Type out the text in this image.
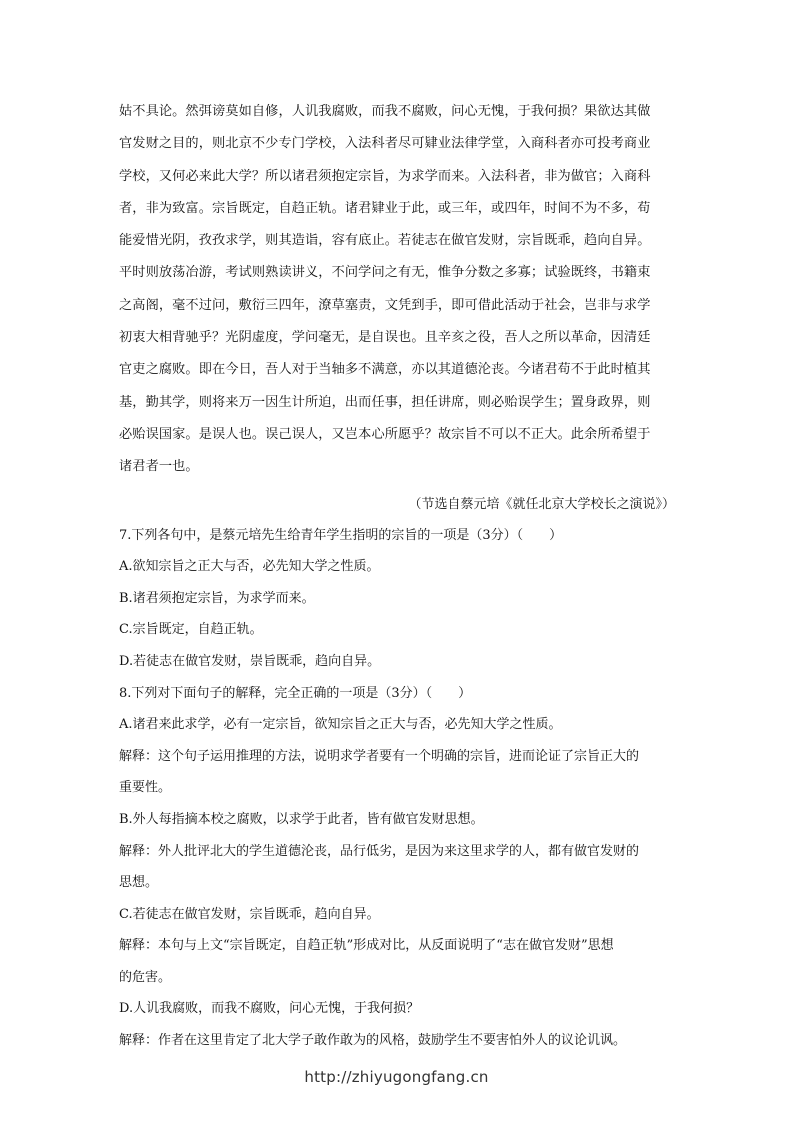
姑不具论。然弭谤莫如自修，人讥我腐败，而我不腐败，问心无愧，于我何损？果欲达其做
官发财之目的，则北京不少专门学校，入法科者尽可肄业法律学堂，入商科者亦可投考商业
学校，又何必来此大学？所以诸君须抱定宗旨，为求学而来。入法科者，非为做官；入商科
者，非为致富。宗旨既定，自趋正轨。诸君肄业于此，或三年，或四年，时间不为不多，苟
能爱惜光阴，孜孜求学，则其造诣，容有底止。若徒志在做官发财，宗旨既乖，趋向自异。
平时则放荡冶游，考试则熟读讲义，不问学问之有无，惟争分数之多寡；试验既终，书籍束
之高阁，毫不过问，敷衍三四年，潦草塞责，文凭到手，即可借此活动于社会，岂非与求学
初衷大相背驰乎？光阴虚度，学问毫无，是自误也。且辛亥之役，吾人之所以革命，因清廷
官吏之腐败。即在今日，吾人对于当轴多不满意，亦以其道德沦丧。今诸君苟不于此时植其
基，勤其学，则将来万一因生计所迫，出而任事，担任讲席，则必贻误学生；置身政界，则
必贻误国家。是误人也。误己误人，又岂本心所愿乎？故宗旨不可以不正大。此余所希望于
诸君者一也。
（节选自蔡元培《就任北京大学校长之演说》）
7.下列各句中，是蔡元培先生给青年学生指明的宗旨的一项是（3分）（　　）
A.欲知宗旨之正大与否，必先知大学之性质。
B.诸君须抱定宗旨，为求学而来。
C.宗旨既定，自趋正轨。
D.若徒志在做官发财，崇旨既乖，趋向自异。
8.下列对下面句子的解释，完全正确的一项是（3分）（　　）
A.诸君来此求学，必有一定宗旨，欲知宗旨之正大与否，必先知大学之性质。
解释：这个句子运用推理的方法，说明求学者要有一个明确的宗旨，进而论证了宗旨正大的
重要性。
B.外人每指摘本校之腐败，以求学于此者，皆有做官发财思想。
解释：外人批评北大的学生道德沦丧，品行低劣，是因为来这里求学的人，都有做官发财的
思想。
C.若徒志在做官发财，宗旨既乖，趋向自异。
解释：本句与上文“宗旨既定，自趋正轨”形成对比，从反面说明了“志在做官发财”思想
的危害。
D.人讥我腐败，而我不腐败，问心无愧，于我何损？
解释：作者在这里肯定了北大学子敢作敢为的风格，鼓励学生不要害怕外人的议论讥讽。
http://zhiyugongfang.cn
